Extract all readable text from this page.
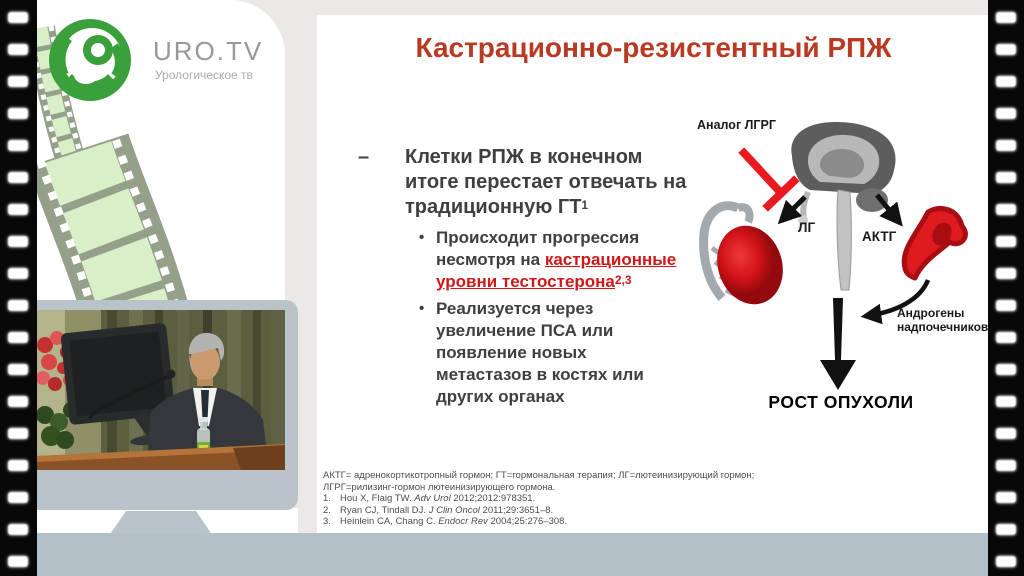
URO.TV
Урологическое тв
Кастрационно-резистентный РПЖ
– Клетки РПЖ в конечном
итоге перестает отвечать на
традиционную $ГТ^1$
• Происходит прогрессия
несмотря на кастрационные
уровни тестостерона$^{2,3}$
• Реализуется через
увеличение ПСА или
появление новых
метастазов в костях или
других органах
Аналог ЛГРГ
ЛГ
АКТГ
Андрогены
надпочечников
РОСТ ОПУХОЛИ
АКТГ= адренокортикотропный гормон; ГТ=гормональная терапия; ЛГ=лютеинизирующий гормон;
ЛГРГ=рилизинг-гормон лютеинизирующего гормона.
1. Hou X, Flaig TW. Adv Urol 2012;2012:978351.
2. Ryan CJ, Tindall DJ. J Clin Oncol 2011;29:3651–8.
3. Heinlein CA, Chang C. Endocr Rev 2004;25:276–308.
